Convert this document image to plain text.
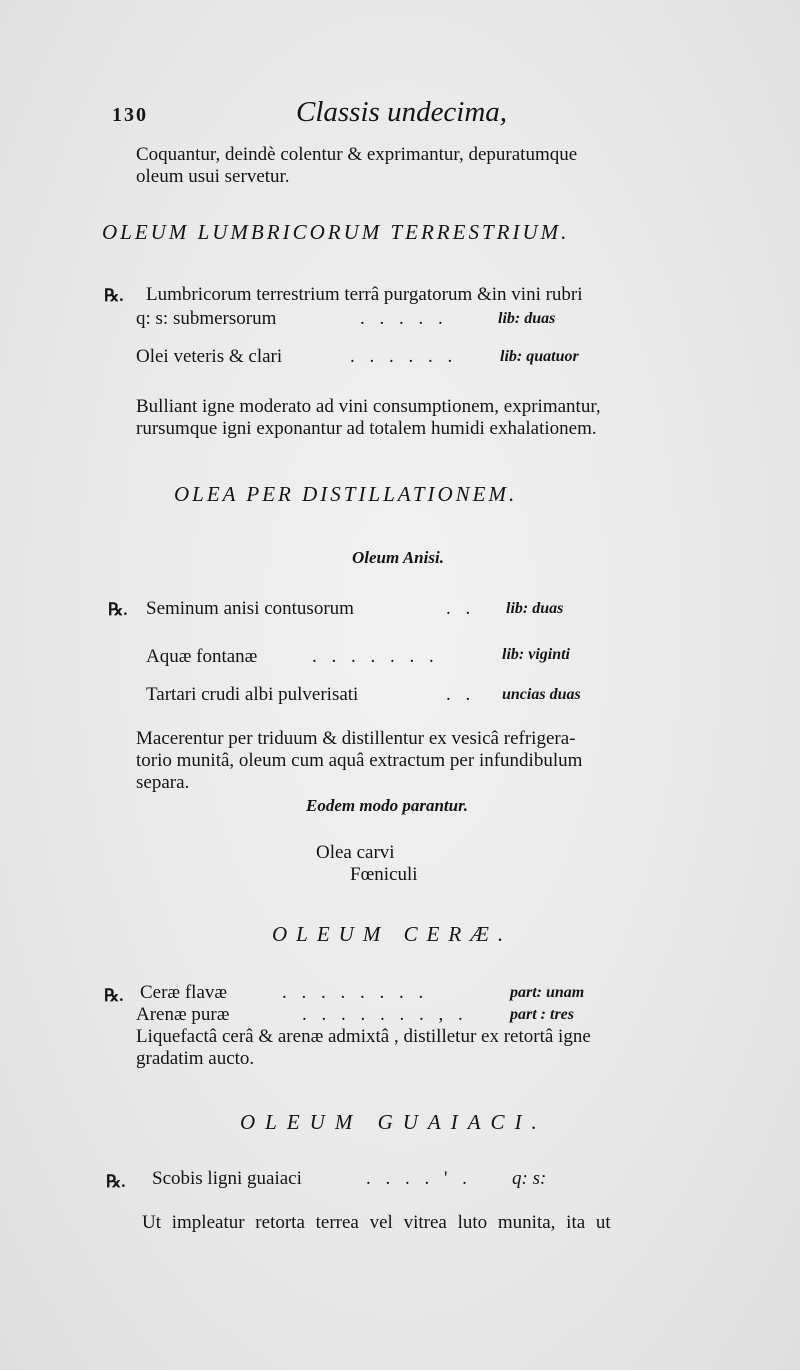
130	Classis undecima,
Coquantur, deindè colentur & exprimantur, depuratumque
oleum usui servetur.
OLEUM LUMBRICORUM TERRESTRIUM.
℞. Lumbricorum terrestrium terrâ purgatorum &in vini rubri
q: s: submersorum	. . . . .	lib: duas
Olei veteris & clari	. . . . . .	lib: quatuor
Bulliant igne moderato ad vini consumptionem, exprimantur,
rursumque igni exponantur ad totalem humidi exhalationem.
OLEA PER DISTILLATIONEM.
Oleum Anisi.
℞. Seminum anisi contusorum	. . lib: duas
Aquæ fontanæ	. . . . . . .	lib: viginti
Tartari crudi albi pulverisati	. . uncias duas
Macerentur per triduum & distillentur ex vesicâ refrigera-
torio munitâ, oleum cum aquâ extractum per infundibulum
separa.
Eodem modo parantur.
Olea carvi
Fœniculi
OLEUM CERÆ.
℞. Ceræ flavæ	. . . . . . . .	part: unam
Arenæ puræ	. . . . . . . , .	part : tres
Liquefactâ cerâ & arenæ admixtâ , distilletur ex retortâ igne
gradatim aucto.
OLEUM GUAIACI.
℞. Scobis ligni guaiaci	. . . . ' . q: s:
Ut impleatur retorta terrea vel vitrea luto munita, ita ut
